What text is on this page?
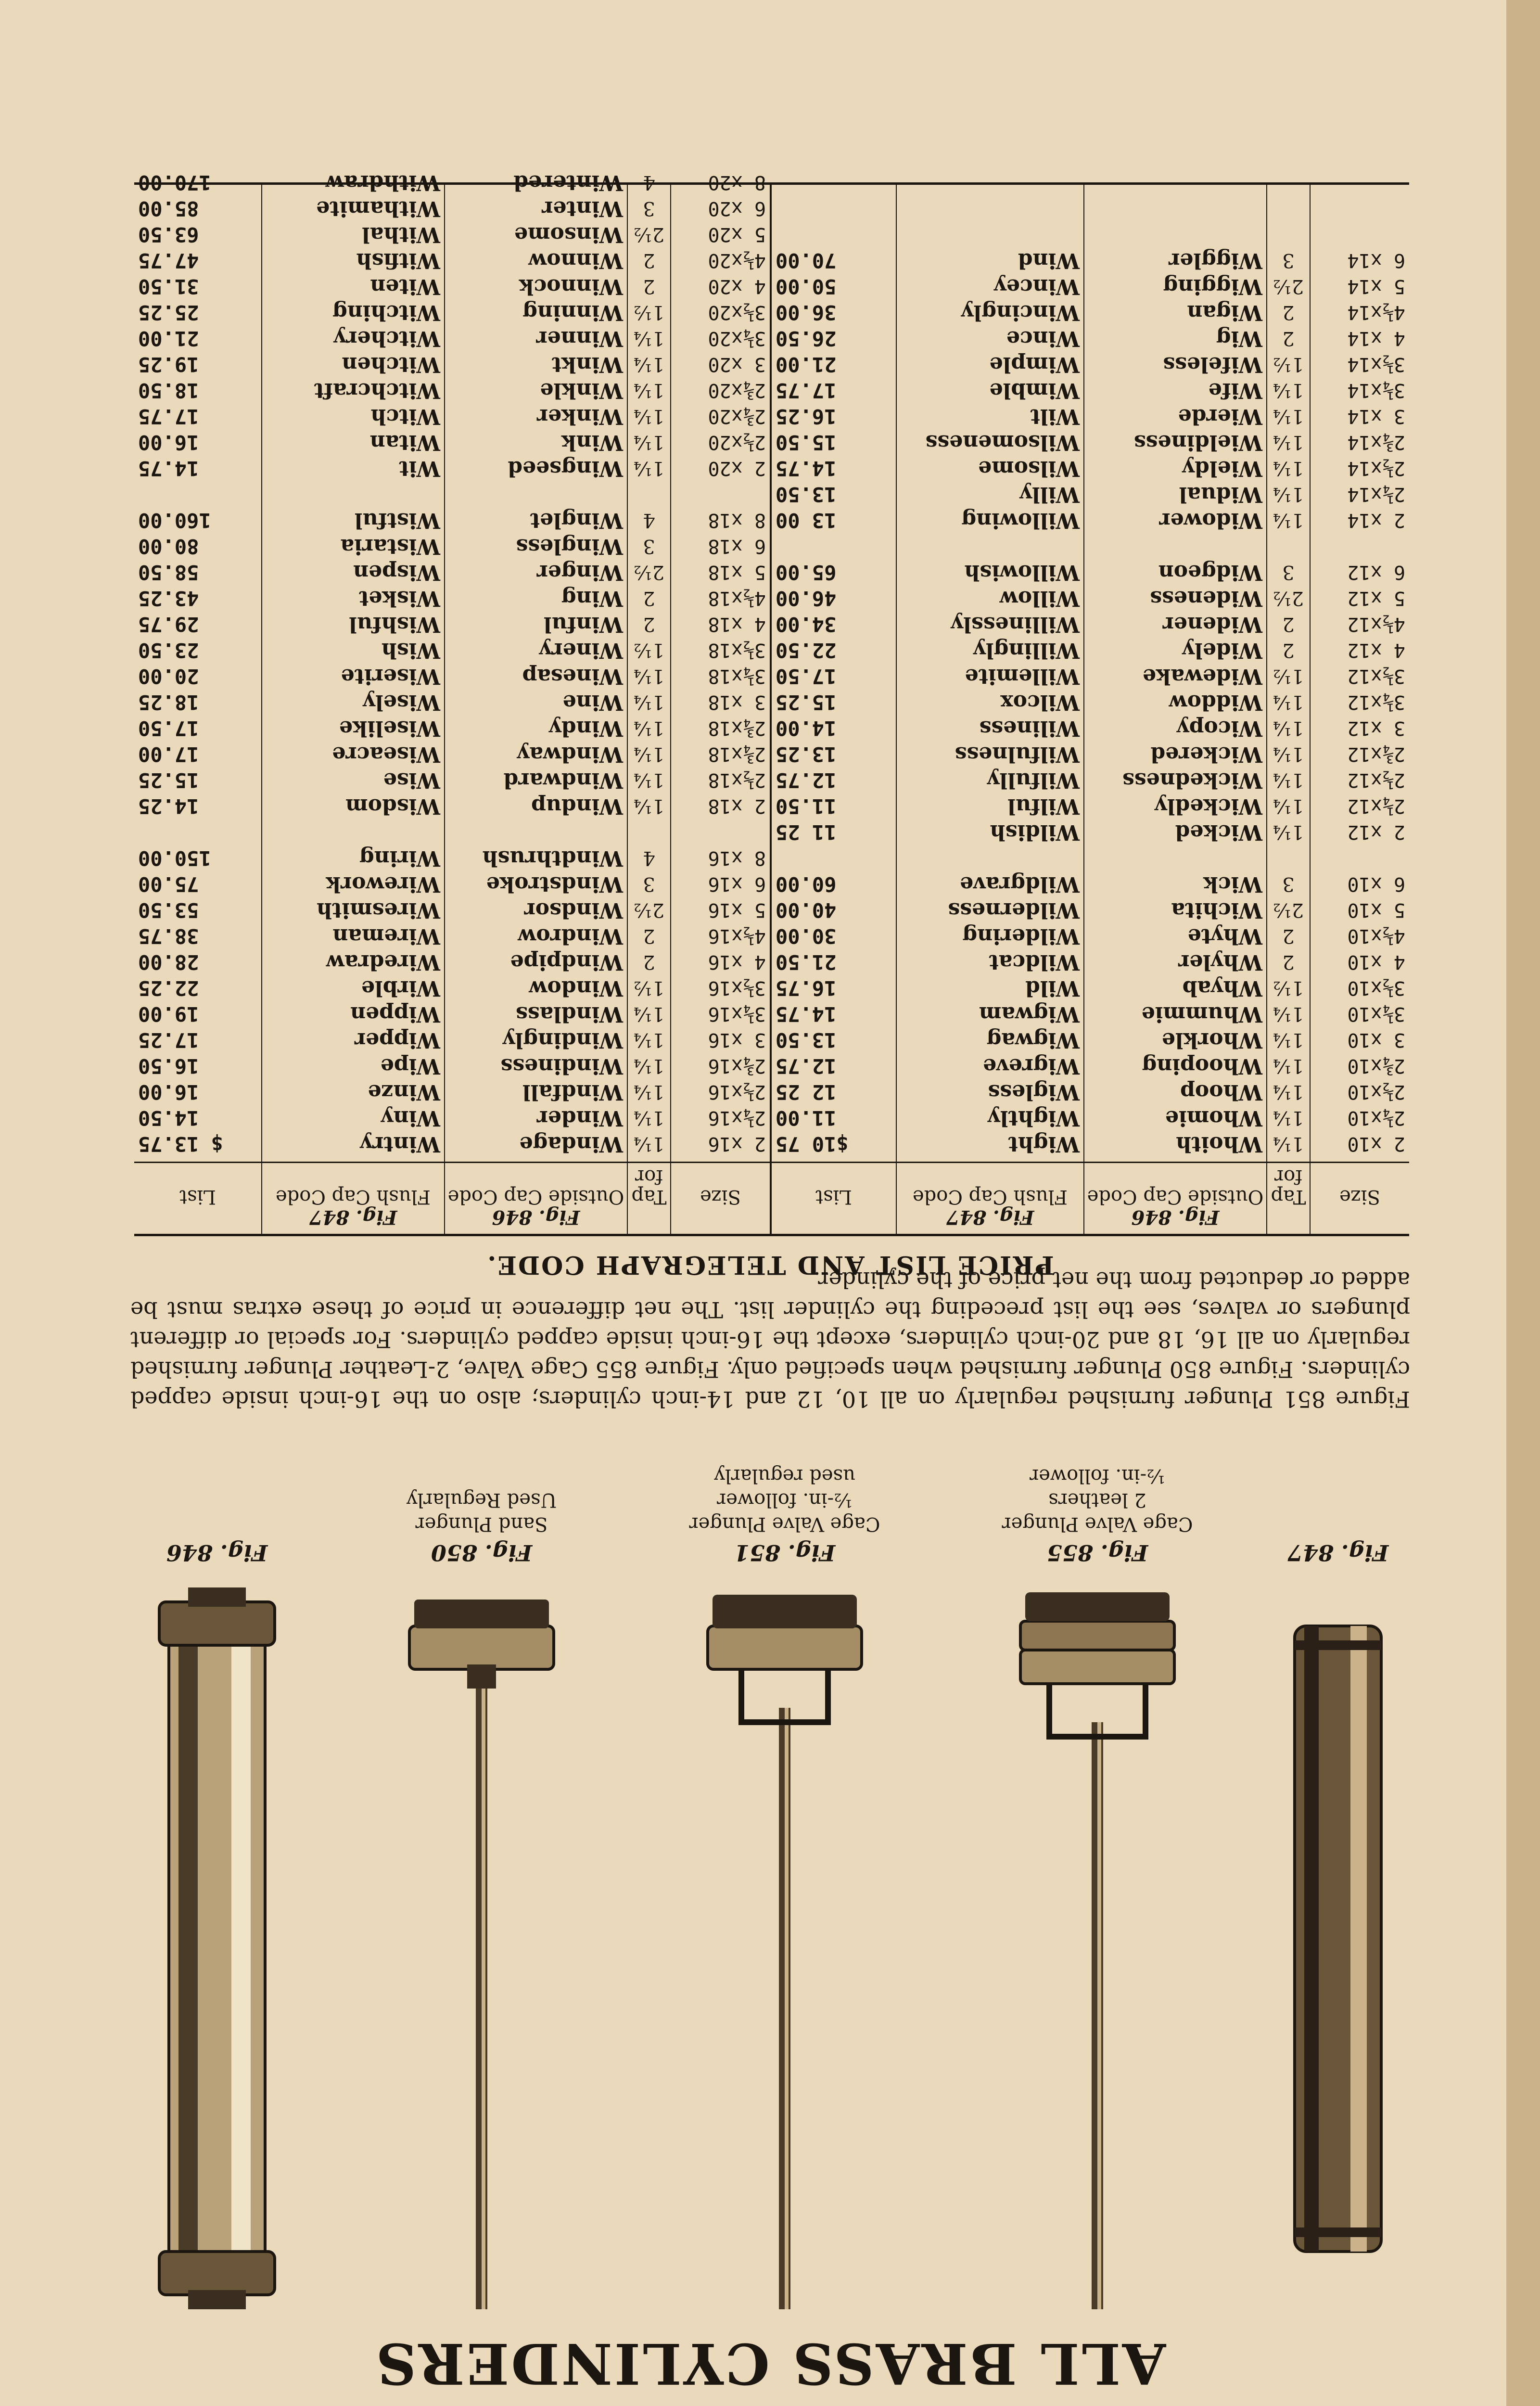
ALL BRASS CYLINDERS
Fig. 846	Fig. 850
Sand Plunger
Used Regularly
Fig. 851
Cage Valve Plunger
½-in. follower
used regularly
Fig. 855
Cage Valve Plunger
2 leathers
½-in. follower
Fig. 847
Figure 851 Plunger furnished regularly on all 10, 12 and 14-inch cylinders; also on the 16-inch inside capped cylinders. Figure 850 Plunger furnished when specified only. Figure 855 Cage Valve, 2-Leather Plunger furnished regularly on all 16, 18 and 20-inch cylinders, except the 16-inch inside capped cylinders. For special or different plungers or valves, see the list preceding the cylinder list. The net difference in price of these extras must be added or deducted from the net price of the cylinder.
PRICE LIST AND TELEGRAPH CODE.

Size
2 x10
2¼x10
2½x10
2¾x10
3 x10
3¼x10
3½x10
4 x10
4½x10
5 x10
6 x10
2 x12
2¼x12
2½x12
2¾x12
3 x12
3¼x12
3½x12
4 x12
4½x12
5 x12
6 x12
2 x14
2¼x14
2½x14
2¾x14
3 x14
3¼x14
3½x14
4 x14
4½x14
5 x14
6 x14

Tap for
1¼
1¼
1¼
1¼
1¼
1¼
1½
2
2
2½
3
1¼
1¼
1¼
1¼
1¼
1¼
1½
2
2
2½
3
1¼
1¼
1¼
1¼
1¼
1¼
1½
2
2
2½
3
Fig. 846
Outside Cap Code
Whoith
Whomie
Whoop
Whooping
Whorkle
Whummie
Whyab
Whyler
Whyte
Wichita
Wick
Wicked
Wickedly
Wickedness
Wickered
Wicopy
Widdow
Widewake
Widely
Widener
Wideness
Widgeon
Widower
Widual
Wieldy
Wieldiness
Wierde
Wife
Wifeless
Wig
Wigan
Wigging
Wiggler
Fig. 847
Flush Cap Code
Wight
Wightly
Wigless
Wigreve
Wigwag
Wigwam
Wild
Wildcat
Wildering
Wilderness
Wildgrave
Wildish
Wilful
Wilfully
Wilfulness
Wiliness
Wilcox
Willemite
Willingly
Willinessly
Willow
Willowish
Willowing
Willy
Wilsome
Wilsomeness
Wilt
Wimble
Wimple
Wince
Wincingly
Wincey
Wind

List
$10 75
11.00
12 25
12.75
13.50
14.75
16.75
21.50
30.00
40.00
60.00
11 25
11.50
12.75
13.25
14.00
15.25
17.50
22.50
34.00
46.00
65.00
13 00
13.50
14.75
15.50
16.25
17.75
21.00
26.50
36.00
50.00
70.00

Size
2 x16
2¼x16
2½x16
2¾x16
3 x16
3¼x16
3½x16
4 x16
4½x16
5 x16
6 x16
8 x16
2 x18
2½x18
2¾x18
2¾x18
3 x18
3¼x18
3½x18
4 x18
4½x18
5 x18
6 x18
8 x18
2 x20
2½x20
2¾x20
2¾x20
3 x20
3¼x20
3½x20
4 x20
4½x20
5 x20
6 x20
8 x20

Tap for
1¼
1¼
1¼
1¼
1¼
1¼
1½
2
2
2½
3
4
1¼
1¼
1¼
1¼
1¼
1¼
1½
2
2
2½
3
4
1¼
1¼
1¼
1¼
1¼
1¼
1½
2
2
2½
3
4
Fig. 846
Outside Cap Code
Windage
Winder
Windfall
Windiness
Windingly
Windlass
Window
Windpipe
Windrow
Windsor
Windstroke
Windthrush
Windup
Windward
Windway
Windy
Wine
Winesap
Winery
Winful
Wing
Winger
Wingless
Winglet
Wingseed
Wink
Winker
Winkle
Winkt
Winner
Winning
Winnock
Winnow
Winsome
Winter
Wintered
Fig. 847
Flush Cap Code
Wintry
Winy
Winze
Wipe
Wipper
Wippen
Wirble
Wiredraw
Wireman
Wiresmith
Wirework
Wiring
Wisdom
Wise
Wiseacre
Wiselike
Wisely
Wiserite
Wish
Wishful
Wisket
Wispen
Wistaria
Wistful
Wit
Witan
Witch
Witchcraft
Witchen
Witchery
Witching
Witen
Witfish
Withal
Withamite
Withdraw

List
$ 13.75
14.50
16.00
16.50
17.25
19.00
22.25
28.00
38.75
53.50
75.00
150.00
14.25
15.25
17.00
17.50
18.25
20.00
23.50
29.75
43.25
58.50
80.00
160.00
14.75
16.00
17.75
18.50
19.25
21.00
25.25
31.50
47.75
63.50
85.00
170.00
